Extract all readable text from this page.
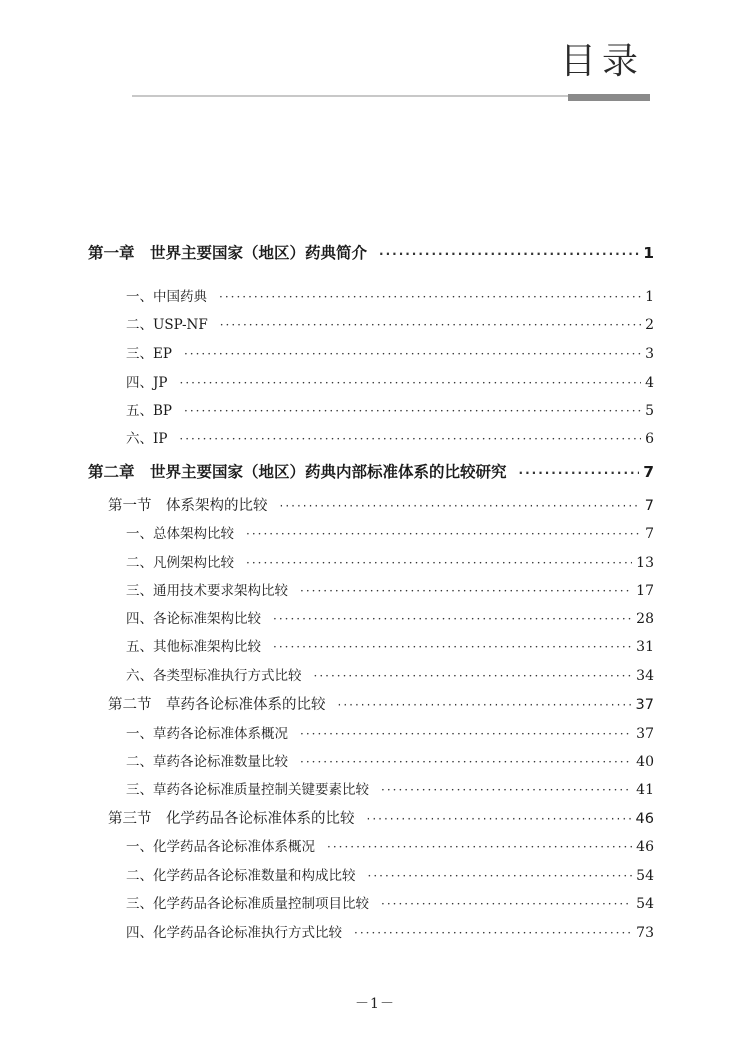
目录
第一章　世界主要国家（地区）药典简介 ·····	1
一、中国药典 ·····	1
二、USP-NF ·····	2
三、EP ·····	3
四、JP ·····	4
五、BP ·····	5
六、IP ·····	6
第二章　世界主要国家（地区）药典内部标准体系的比较研究 ·····	7
第一节　体系架构的比较 ·····	7
一、总体架构比较 ·····	7
二、凡例架构比较 ·····	13
三、通用技术要求架构比较 ·····	17
四、各论标准架构比较 ·····	28
五、其他标准架构比较 ·····	31
六、各类型标准执行方式比较 ·····	34
第二节　草药各论标准体系的比较 ·····	37
一、草药各论标准体系概况 ·····	37
二、草药各论标准数量比较 ·····	40
三、草药各论标准质量控制关键要素比较 ·····	41
第三节　化学药品各论标准体系的比较 ·····	46
一、化学药品各论标准体系概况 ·····	46
二、化学药品各论标准数量和构成比较 ·····	54
三、化学药品各论标准质量控制项目比较 ·····	54
四、化学药品各论标准执行方式比较 ·····	73
－1－
